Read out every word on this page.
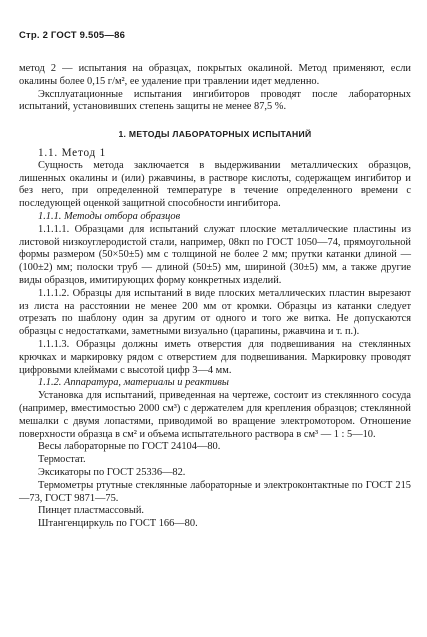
Стр. 2 ГОСТ 9.505—86

метод 2 — испытания на образцах, покрытых окалиной. Метод применяют, если окалины более 0,15 г/м², ее удаление при травлении идет медленно.

Эксплуатационные испытания ингибиторов проводят после лабораторных испытаний, установивших степень защиты не менее 87,5 %.

1. МЕТОДЫ ЛАБОРАТОРНЫХ ИСПЫТАНИЙ

1.1. Метод 1

Сущность метода заключается в выдерживании металлических образцов, лишенных окалины и (или) ржавчины, в растворе кислоты, содержащем ингибитор и без него, при определенной температуре в течение определенного времени с последующей оценкой защитной способности ингибитора.

1.1.1. Методы отбора образцов

1.1.1.1. Образцами для испытаний служат плоские металлические пластины из листовой низкоуглеродистой стали, например, 08кп по ГОСТ 1050—74, прямоугольной формы размером (50×50±5) мм с толщиной не более 2 мм; прутки катанки длиной — (100±2) мм; полоски труб — длиной (50±5) мм, шириной (30±5) мм, а также другие виды образцов, имитирующих форму конкретных изделий.

1.1.1.2. Образцы для испытаний в виде плоских металлических пластин вырезают из листа на расстоянии не менее 200 мм от кромки. Образцы из катанки следует отрезать по шаблону один за другим от одного и того же витка. Не допускаются образцы с недостатками, заметными визуально (царапины, ржавчина и т. п.).

1.1.1.3. Образцы должны иметь отверстия для подвешивания на стеклянных крючках и маркировку рядом с отверстием для подвешивания. Маркировку проводят цифровыми клеймами с высотой цифр 3—4 мм.

1.1.2. Аппаратура, материалы и реактивы

Установка для испытаний, приведенная на чертеже, состоит из стеклянного сосуда (например, вместимостью 2000 см³) с держателем для крепления образцов; стеклянной мешалки с двумя лопастями, приводимой во вращение электромотором. Отношение поверхности образца в см² и объема испытательного раствора в см³ — 1 : 5—10.

Весы лабораторные по ГОСТ 24104—80.

Термостат.

Эксикаторы по ГОСТ 25336—82.

Термометры ртутные стеклянные лабораторные и электроконтактные по ГОСТ 215—73, ГОСТ 9871—75.

Пинцет пластмассовый.

Штангенциркуль по ГОСТ 166—80.
